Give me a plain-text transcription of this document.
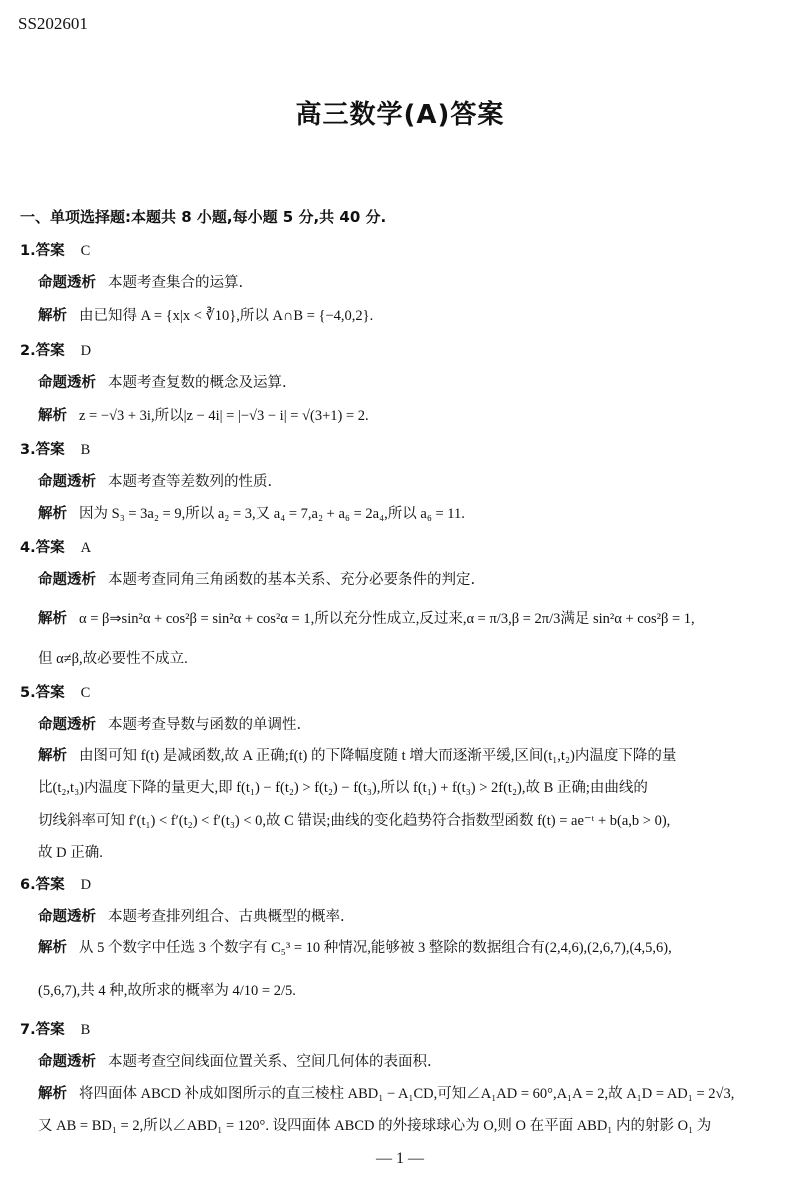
SS202601
高三数学(A)答案
一、单项选择题:本题共 8 小题,每小题 5 分,共 40 分.
1.答案 C
命题透析 本题考查集合的运算.
解析 由已知得 A = {x|x < ∛10},所以 A∩B = {−4,0,2}.
2.答案 D
命题透析 本题考查复数的概念及运算.
解析 z = −√3 + 3i,所以|z − 4i| = |−√3 − i| = √(3+1) = 2.
3.答案 B
命题透析 本题考查等差数列的性质.
解析 因为 S₃ = 3a₂ = 9,所以 a₂ = 3,又 a₄ = 7,a₂ + a₆ = 2a₄,所以 a₆ = 11.
4.答案 A
命题透析 本题考查同角三角函数的基本关系、充分必要条件的判定.
解析 α = β⇒sin²α + cos²β = sin²α + cos²α = 1,所以充分性成立,反过来,α = π/3,β = 2π/3满足 sin²α + cos²β = 1,
但 α≠β,故必要性不成立.
5.答案 C
命题透析 本题考查导数与函数的单调性.
解析 由图可知 f(t) 是减函数,故 A 正确;f(t) 的下降幅度随 t 增大而逐渐平缓,区间(t₁,t₂)内温度下降的量
比(t₂,t₃)内温度下降的量更大,即 f(t₁) − f(t₂) > f(t₂) − f(t₃),所以 f(t₁) + f(t₃) > 2f(t₂),故 B 正确;由曲线的
切线斜率可知 f′(t₁) < f′(t₂) < f′(t₃) < 0,故 C 错误;曲线的变化趋势符合指数型函数 f(t) = ae⁻ᵗ + b(a,b > 0),
故 D 正确.
6.答案 D
命题透析 本题考查排列组合、古典概型的概率.
解析 从 5 个数字中任选 3 个数字有 C₅³ = 10 种情况,能够被 3 整除的数据组合有(2,4,6),(2,6,7),(4,5,6),
(5,6,7),共 4 种,故所求的概率为 4/10 = 2/5.
7.答案 B
命题透析 本题考查空间线面位置关系、空间几何体的表面积.
解析 将四面体 ABCD 补成如图所示的直三棱柱 ABD₁ − A₁CD,可知∠A₁AD = 60°,A₁A = 2,故 A₁D = AD₁ = 2√3,
又 AB = BD₁ = 2,所以∠ABD₁ = 120°. 设四面体 ABCD 的外接球球心为 O,则 O 在平面 ABD₁ 内的射影 O₁ 为
— 1 —
